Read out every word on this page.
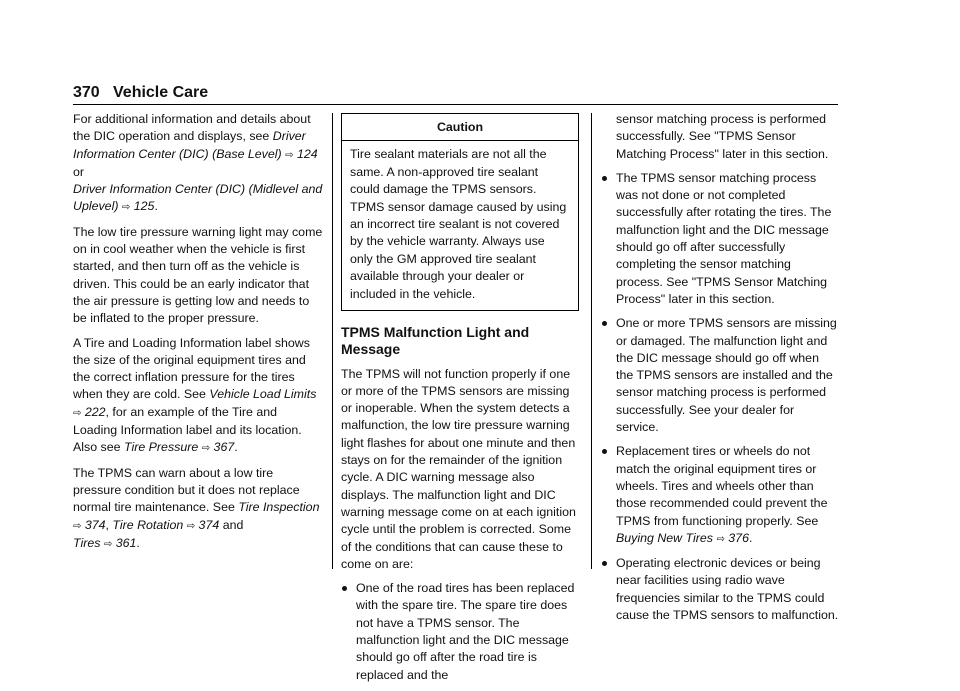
370 Vehicle Care

For additional information and details about the DIC operation and displays, see Driver Information Center (DIC) (Base Level) ⇨ 124
or
Driver Information Center (DIC) (Midlevel and Uplevel) ⇨ 125.

The low tire pressure warning light may come on in cool weather when the vehicle is first started, and then turn off as the vehicle is driven. This could be an early indicator that the air pressure is getting low and needs to be inflated to the proper pressure.

A Tire and Loading Information label shows the size of the original equipment tires and the correct inflation pressure for the tires when they are cold. See Vehicle Load Limits
⇨ 222, for an example of the Tire and Loading Information label and its location. Also see Tire Pressure ⇨ 367.

The TPMS can warn about a low tire pressure condition but it does not replace normal tire maintenance. See Tire Inspection
⇨ 374, Tire Rotation ⇨ 374 and
Tires ⇨ 361.

Caution
Tire sealant materials are not all the same. A non-approved tire sealant could damage the TPMS sensors. TPMS sensor damage caused by using an incorrect tire sealant is not covered by the vehicle warranty. Always use only the GM approved tire sealant available through your dealer or included in the vehicle.
TPMS Malfunction Light and Message

The TPMS will not function properly if one or more of the TPMS sensors are missing or inoperable. When the system detects a malfunction, the low tire pressure warning light flashes for about one minute and then stays on for the remainder of the ignition cycle. A DIC warning message also displays. The malfunction light and DIC warning message come on at each ignition cycle until the problem is corrected. Some of the conditions that can cause these to come on are:

One of the road tires has been replaced with the spare tire. The spare tire does not have a TPMS sensor. The malfunction light and the DIC message should go off after the road tire is replaced and the
sensor matching process is performed successfully. See "TPMS Sensor Matching Process" later in this section.
The TPMS sensor matching process was not done or not completed successfully after rotating the tires. The malfunction light and the DIC message should go off after successfully completing the sensor matching process. See "TPMS Sensor Matching Process" later in this section.
One or more TPMS sensors are missing or damaged. The malfunction light and the DIC message should go off when the TPMS sensors are installed and the sensor matching process is performed successfully. See your dealer for service.
Replacement tires or wheels do not match the original equipment tires or wheels. Tires and wheels other than those recommended could prevent the TPMS from functioning properly. See Buying New Tires ⇨ 376.
Operating electronic devices or being near facilities using radio wave frequencies similar to the TPMS could cause the TPMS sensors to malfunction.
